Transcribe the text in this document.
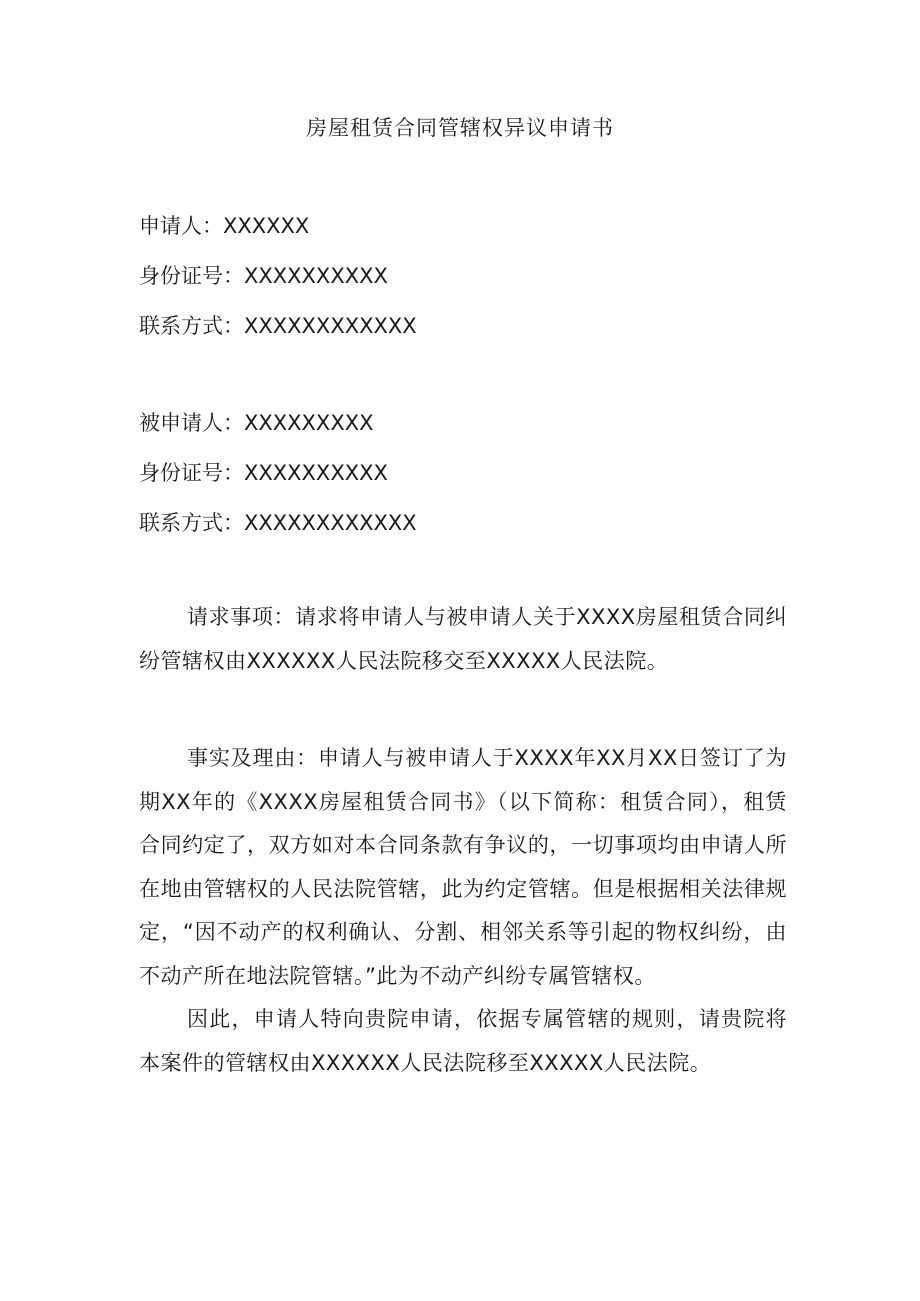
房屋租赁合同管辖权异议申请书
申请人：XXXXXX
身份证号：XXXXXXXXXX
联系方式：XXXXXXXXXXXX
被申请人：XXXXXXXXX
身份证号：XXXXXXXXXX
联系方式：XXXXXXXXXXXX

请求事项：请求将申请人与被申请人关于XXXX房屋租赁合同纠纷管辖权由XXXXXX人民法院移交至XXXXX人民法院。

事实及理由：申请人与被申请人于XXXX年XX月XX日签订了为期XX年的《XXXX房屋租赁合同书》（以下简称：租赁合同），租赁合同约定了，双方如对本合同条款有争议的，一切事项均由申请人所在地由管辖权的人民法院管辖，此为约定管辖。但是根据相关法律规定，“因不动产的权利确认、分割、相邻关系等引起的物权纠纷，由不动产所在地法院管辖。”此为不动产纠纷专属管辖权。

因此，申请人特向贵院申请，依据专属管辖的规则，请贵院将本案件的管辖权由XXXXXX人民法院移至XXXXX人民法院。
